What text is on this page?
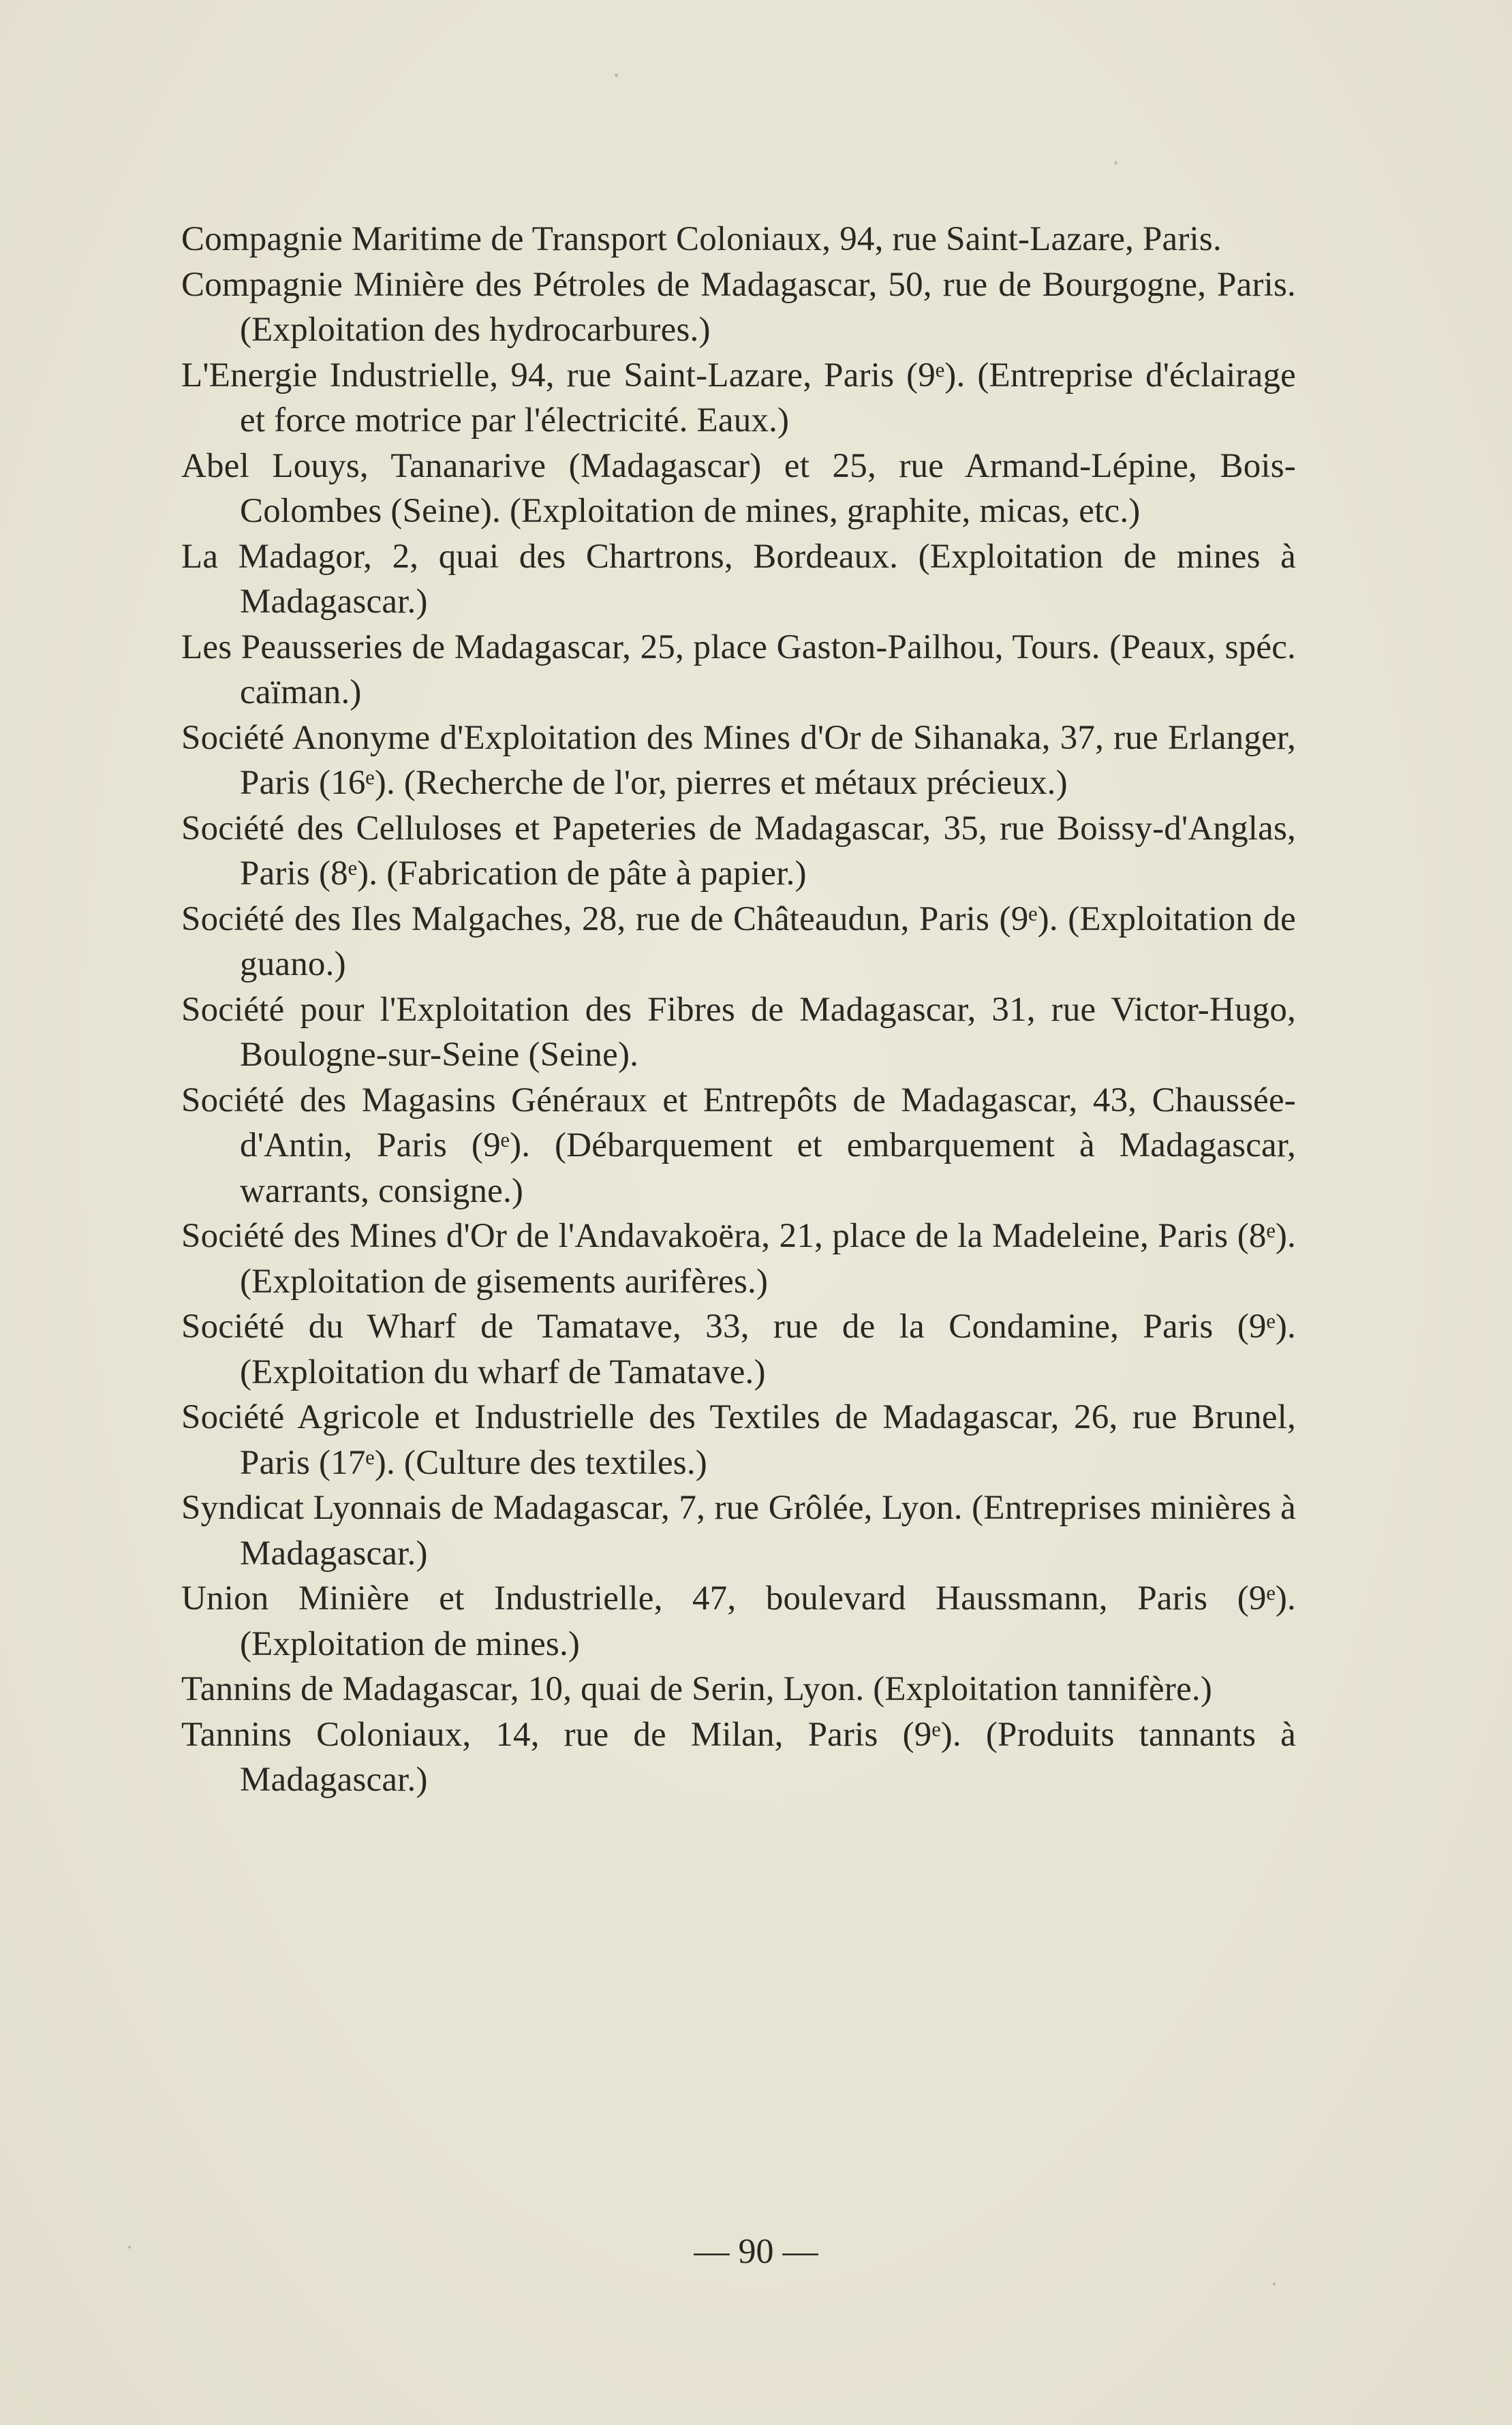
Compagnie Maritime de Transport Coloniaux, 94, rue Saint-Lazare, Paris.
Compagnie Minière des Pétroles de Madagascar, 50, rue de Bourgogne, Paris. (Exploitation des hydrocarbures.)
L'Energie Industrielle, 94, rue Saint-Lazare, Paris (9ᵉ). (Entreprise d'éclairage et force motrice par l'électricité. Eaux.)
Abel Louys, Tananarive (Madagascar) et 25, rue Armand-Lépine, Bois-Colombes (Seine). (Exploitation de mines, graphite, micas, etc.)
La Madagor, 2, quai des Chartrons, Bordeaux. (Exploitation de mines à Madagascar.)
Les Peausseries de Madagascar, 25, place Gaston-Pailhou, Tours. (Peaux, spéc. caïman.)
Société Anonyme d'Exploitation des Mines d'Or de Sihanaka, 37, rue Erlanger, Paris (16ᵉ). (Recherche de l'or, pierres et métaux précieux.)
Société des Celluloses et Papeteries de Madagascar, 35, rue Boissy-d'Anglas, Paris (8ᵉ). (Fabrication de pâte à papier.)
Société des Iles Malgaches, 28, rue de Châteaudun, Paris (9ᵉ). (Exploitation de guano.)
Société pour l'Exploitation des Fibres de Madagascar, 31, rue Victor-Hugo, Boulogne-sur-Seine (Seine).
Société des Magasins Généraux et Entrepôts de Madagascar, 43, Chaussée-d'Antin, Paris (9ᵉ). (Débarquement et embarquement à Madagascar, warrants, consigne.)
Société des Mines d'Or de l'Andavakoëra, 21, place de la Madeleine, Paris (8ᵉ). (Exploitation de gisements aurifères.)
Société du Wharf de Tamatave, 33, rue de la Condamine, Paris (9ᵉ). (Exploitation du wharf de Tamatave.)
Société Agricole et Industrielle des Textiles de Madagascar, 26, rue Brunel, Paris (17ᵉ). (Culture des textiles.)
Syndicat Lyonnais de Madagascar, 7, rue Grôlée, Lyon. (Entreprises minières à Madagascar.)
Union Minière et Industrielle, 47, boulevard Haussmann, Paris (9ᵉ). (Exploitation de mines.)
Tannins de Madagascar, 10, quai de Serin, Lyon. (Exploitation tannifère.)
Tannins Coloniaux, 14, rue de Milan, Paris (9ᵉ). (Produits tannants à Madagascar.)
— 90 —
